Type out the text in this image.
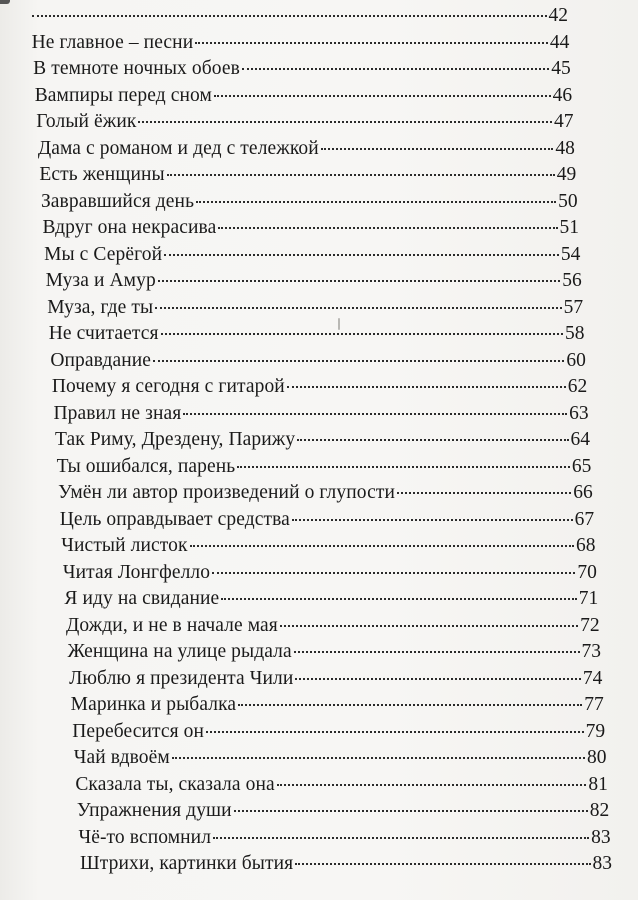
42
Не главное – песни	44
В темноте ночных обоев	45
Вампиры перед сном	46
Голый ёжик	47
Дама с романом и дед с тележкой	48
Есть женщины	49
Завравшийся день	50
Вдруг она некрасива	51
Мы с Серёгой	54
Муза и Амур	56
Муза, где ты	57
Не считается	58
Оправдание	60
Почему я сегодня с гитарой	62
Правил не зная	63
Так Риму, Дрездену, Парижу	64
Ты ошибался, парень	65
Умён ли автор произведений о глупости	66
Цель оправдывает средства	67
Чистый листок	68
Читая Лонгфелло	70
Я иду на свидание	71
Дожди, и не в начале мая	72
Женщина на улице рыдала	73
Люблю я президента Чили	74
Маринка и рыбалка	77
Перебесится он	79
Чай вдвоём	80
Сказала ты, сказала она	81
Упражнения души	82
Чё-то вспомнил	83
Штрихи, картинки бытия	83
